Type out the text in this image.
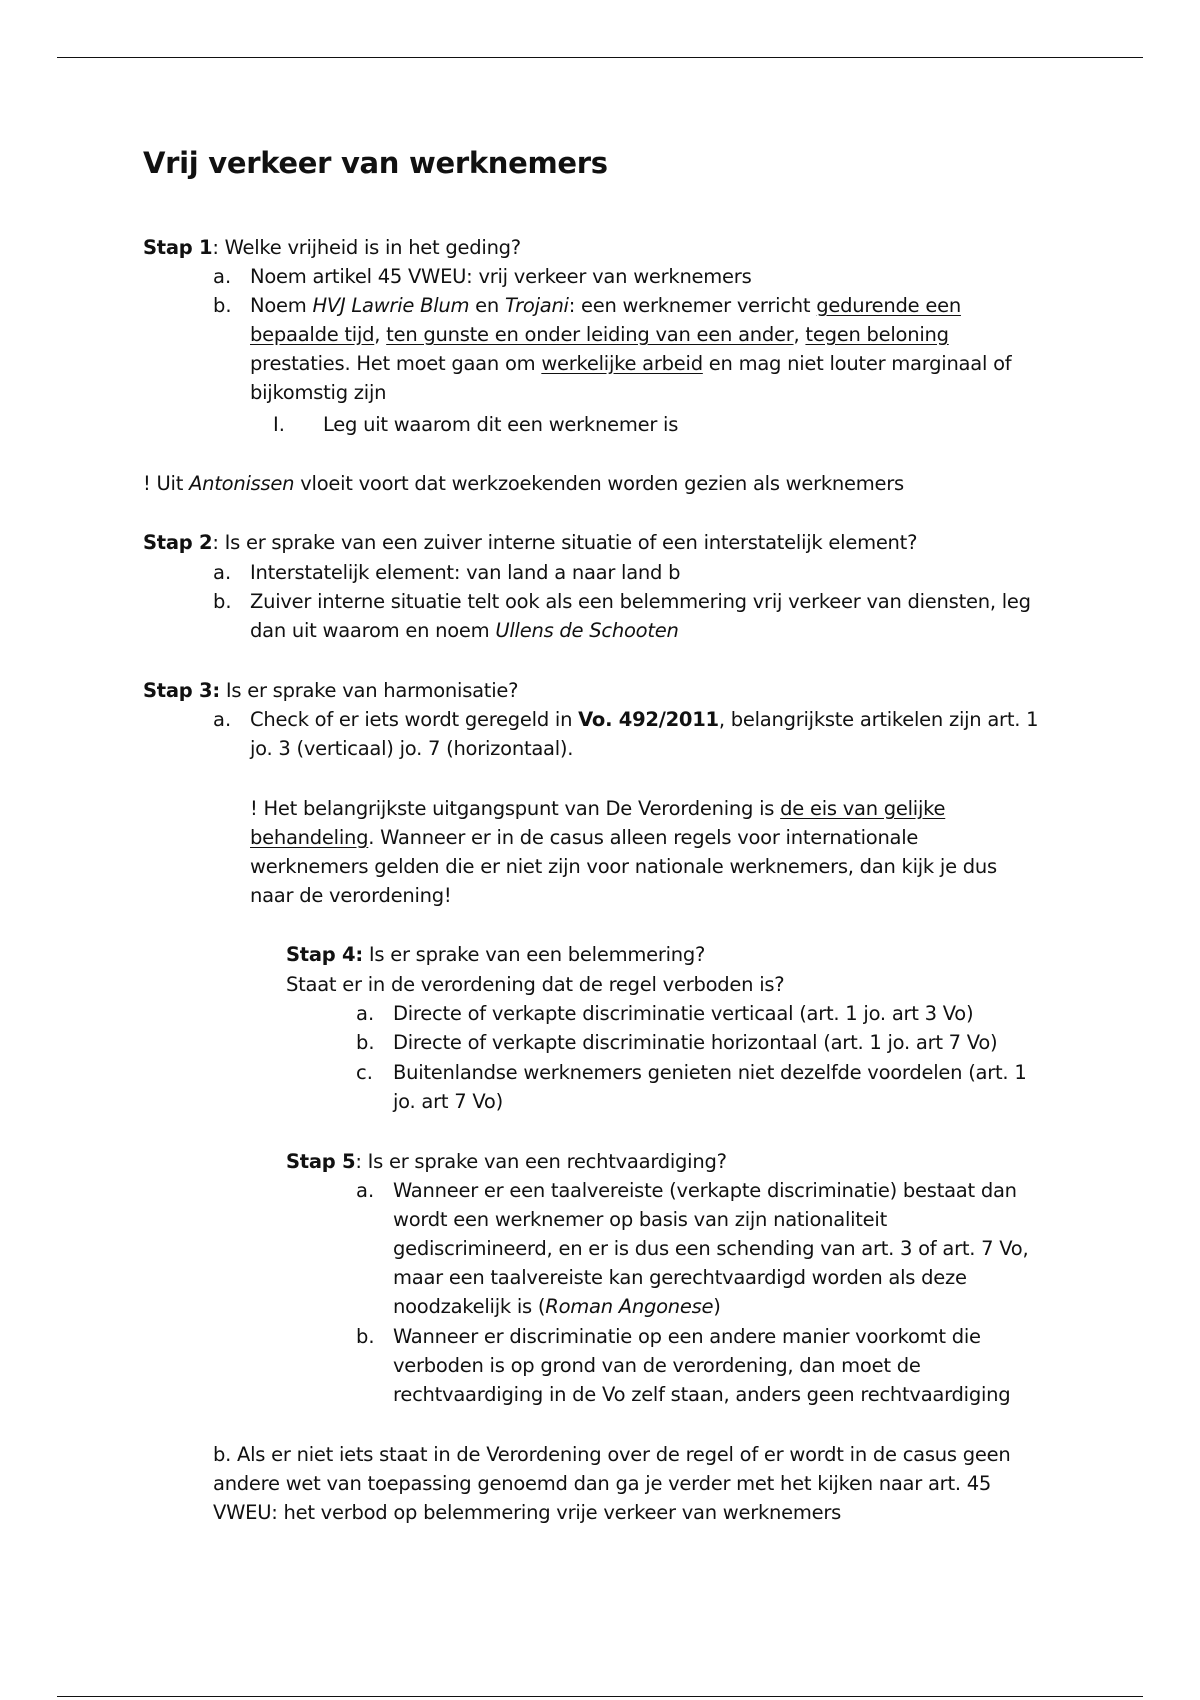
Vrij verkeer van werknemers
Stap 1: Welke vrijheid is in het geding?
a. Noem artikel 45 VWEU: vrij verkeer van werknemers
b. Noem HVJ Lawrie Blum en Trojani: een werknemer verricht gedurende een
bepaalde tijd, ten gunste en onder leiding van een ander, tegen beloning
prestaties. Het moet gaan om werkelijke arbeid en mag niet louter marginaal of
bijkomstig zijn
I. Leg uit waarom dit een werknemer is
! Uit Antonissen vloeit voort dat werkzoekenden worden gezien als werknemers
Stap 2: Is er sprake van een zuiver interne situatie of een interstatelijk element?
a. Interstatelijk element: van land a naar land b
b. Zuiver interne situatie telt ook als een belemmering vrij verkeer van diensten, leg
dan uit waarom en noem Ullens de Schooten
Stap 3: Is er sprake van harmonisatie?
a. Check of er iets wordt geregeld in Vo. 492/2011, belangrijkste artikelen zijn art. 1
jo. 3 (verticaal) jo. 7 (horizontaal).
! Het belangrijkste uitgangspunt van De Verordening is de eis van gelijke
behandeling. Wanneer er in de casus alleen regels voor internationale
werknemers gelden die er niet zijn voor nationale werknemers, dan kijk je dus
naar de verordening!
Stap 4: Is er sprake van een belemmering?
Staat er in de verordening dat de regel verboden is?
a. Directe of verkapte discriminatie verticaal (art. 1 jo. art 3 Vo)
b. Directe of verkapte discriminatie horizontaal (art. 1 jo. art 7 Vo)
c. Buitenlandse werknemers genieten niet dezelfde voordelen (art. 1
jo. art 7 Vo)
Stap 5: Is er sprake van een rechtvaardiging?
a. Wanneer er een taalvereiste (verkapte discriminatie) bestaat dan
wordt een werknemer op basis van zijn nationaliteit
gediscrimineerd, en er is dus een schending van art. 3 of art. 7 Vo,
maar een taalvereiste kan gerechtvaardigd worden als deze
noodzakelijk is (Roman Angonese)
b. Wanneer er discriminatie op een andere manier voorkomt die
verboden is op grond van de verordening, dan moet de
rechtvaardiging in de Vo zelf staan, anders geen rechtvaardiging
b. Als er niet iets staat in de Verordening over de regel of er wordt in de casus geen
andere wet van toepassing genoemd dan ga je verder met het kijken naar art. 45
VWEU: het verbod op belemmering vrije verkeer van werknemers
